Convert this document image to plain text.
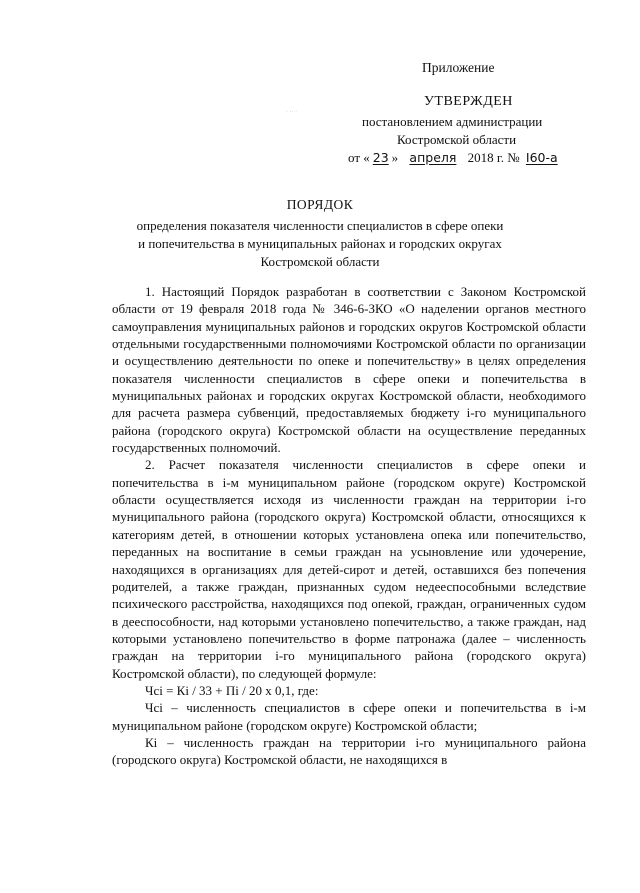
Приложение
· ·· ·
УТВЕРЖДЕН
постановлением администрации
Костромской области
от « 23 » апреля 2018 г. № I60-а
ПОРЯДОК
определения показателя численности специалистов в сфере опеки
и попечительства в муниципальных районах и городских округах
Костромской области

1. Настоящий Порядок разработан в соответствии с Законом Костромской области от 19 февраля 2018 года № 346-6-ЗКО «О наделении органов местного самоуправления муниципальных районов и городских округов Костромской области отдельными государственными полномочиями Костромской области по организации и осуществлению деятельности по опеке и попечительству» в целях определения показателя численности специалистов в сфере опеки и попечительства в муниципальных районах и городских округах Костромской области, необходимого для расчета размера субвенций, предоставляемых бюджету i-го муниципального района (городского округа) Костромской области на осуществление переданных государственных полномочий.

2. Расчет показателя численности специалистов в сфере опеки и попечительства в i-м муниципальном районе (городском округе) Костромской области осуществляется исходя из численности граждан на территории i-го муниципального района (городского округа) Костромской области, относящихся к категориям детей, в отношении которых установлена опека или попечительство, переданных на воспитание в семьи граждан на усыновление или удочерение, находящихся в организациях для детей-сирот и детей, оставшихся без попечения родителей, а также граждан, признанных судом недееспособными вследствие психического расстройства, находящихся под опекой, граждан, ограниченных судом в дееспособности, над которыми установлено попечительство, а также граждан, над которыми установлено попечительство в форме патронажа (далее – численность граждан на территории i-го муниципального района (городского округа) Костромской области), по следующей формуле:

Чсi = Кi / 33 + Пi / 20 х 0,1, где:

Чсi – численность специалистов в сфере опеки и попечительства в i-м муниципальном районе (городском округе) Костромской области;

Кi – численность граждан на территории i-го муниципального района (городского округа) Костромской области, не находящихся в
